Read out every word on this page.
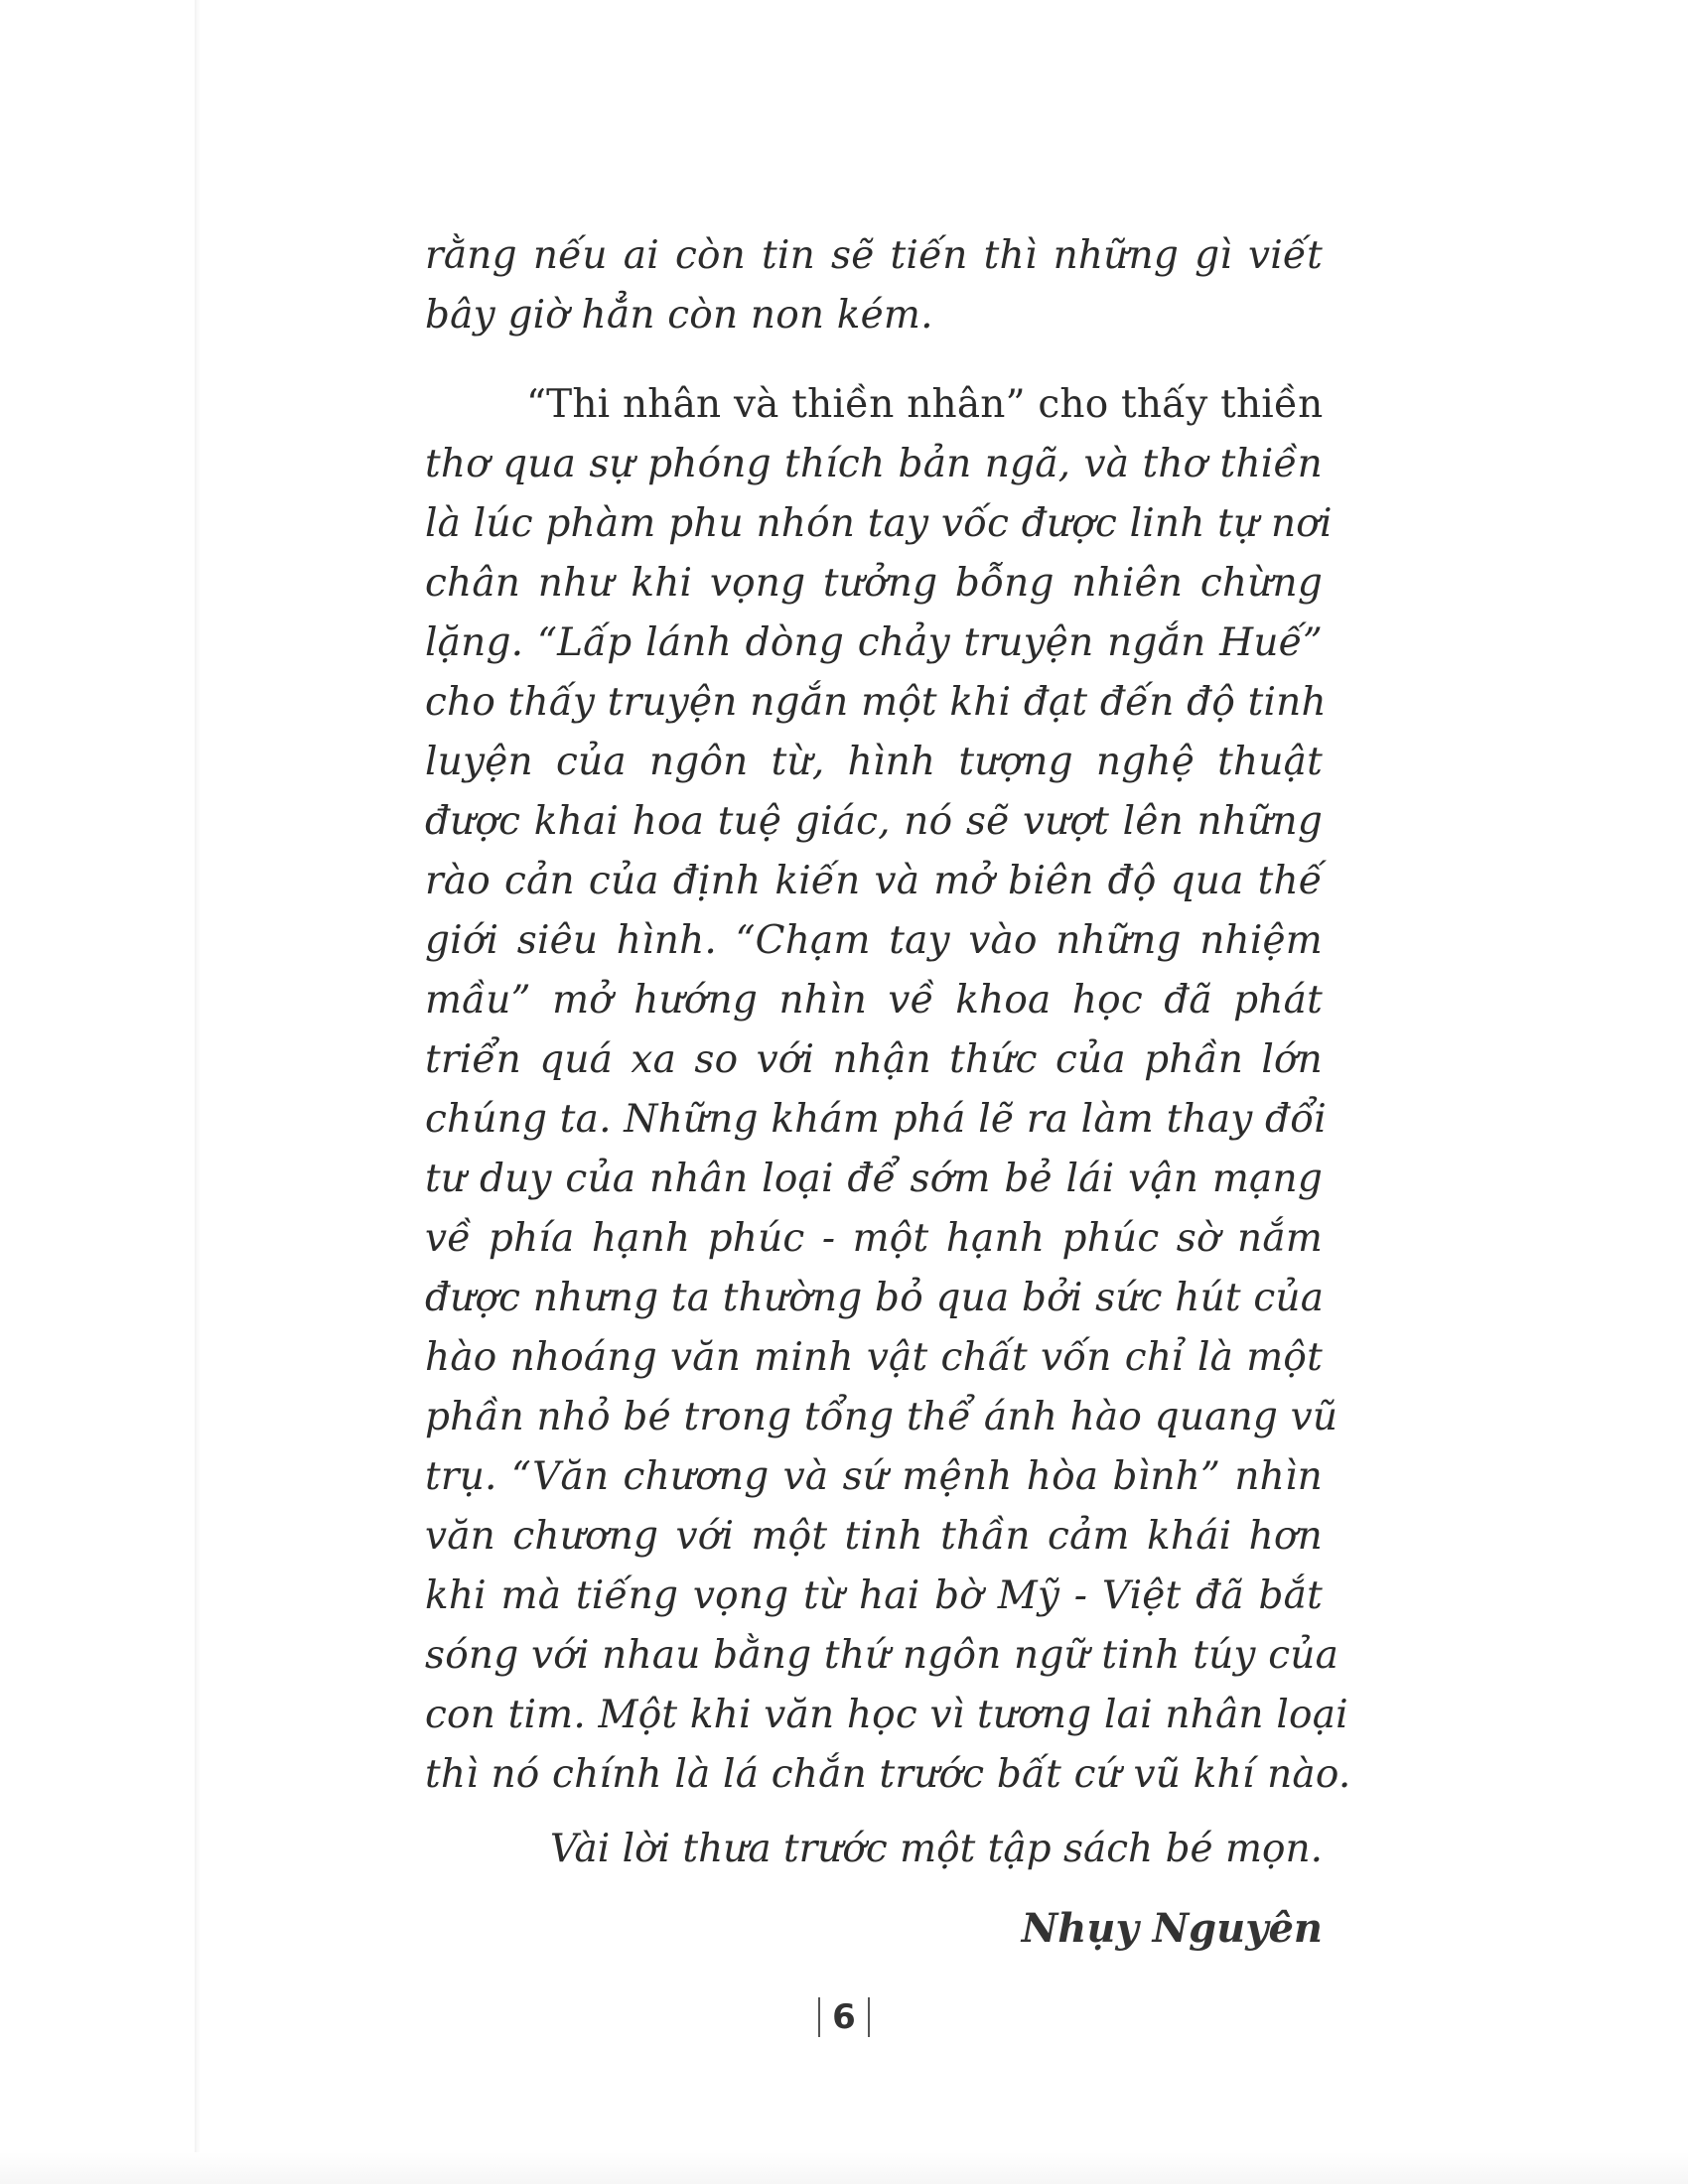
rằng nếu ai còn tin sẽ tiến thì những gì viết
bây giờ hẳn còn non kém.
“Thi nhân và thiền nhân” cho thấy thiền
thơ qua sự phóng thích bản ngã, và thơ thiền
là lúc phàm phu nhón tay vốc được linh tự nơi
chân như khi vọng tưởng bỗng nhiên chừng
lặng. “Lấp lánh dòng chảy truyện ngắn Huế”
cho thấy truyện ngắn một khi đạt đến độ tinh
luyện của ngôn từ, hình tượng nghệ thuật
được khai hoa tuệ giác, nó sẽ vượt lên những
rào cản của định kiến và mở biên độ qua thế
giới siêu hình. “Chạm tay vào những nhiệm
mầu” mở hướng nhìn về khoa học đã phát
triển quá xa so với nhận thức của phần lớn
chúng ta. Những khám phá lẽ ra làm thay đổi
tư duy của nhân loại để sớm bẻ lái vận mạng
về phía hạnh phúc - một hạnh phúc sờ nắm
được nhưng ta thường bỏ qua bởi sức hút của
hào nhoáng văn minh vật chất vốn chỉ là một
phần nhỏ bé trong tổng thể ánh hào quang vũ
trụ. “Văn chương và sứ mệnh hòa bình” nhìn
văn chương với một tinh thần cảm khái hơn
khi mà tiếng vọng từ hai bờ Mỹ - Việt đã bắt
sóng với nhau bằng thứ ngôn ngữ tinh túy của
con tim. Một khi văn học vì tương lai nhân loại
thì nó chính là lá chắn trước bất cứ vũ khí nào.
Vài lời thưa trước một tập sách bé mọn.
Nhụy Nguyên
6
